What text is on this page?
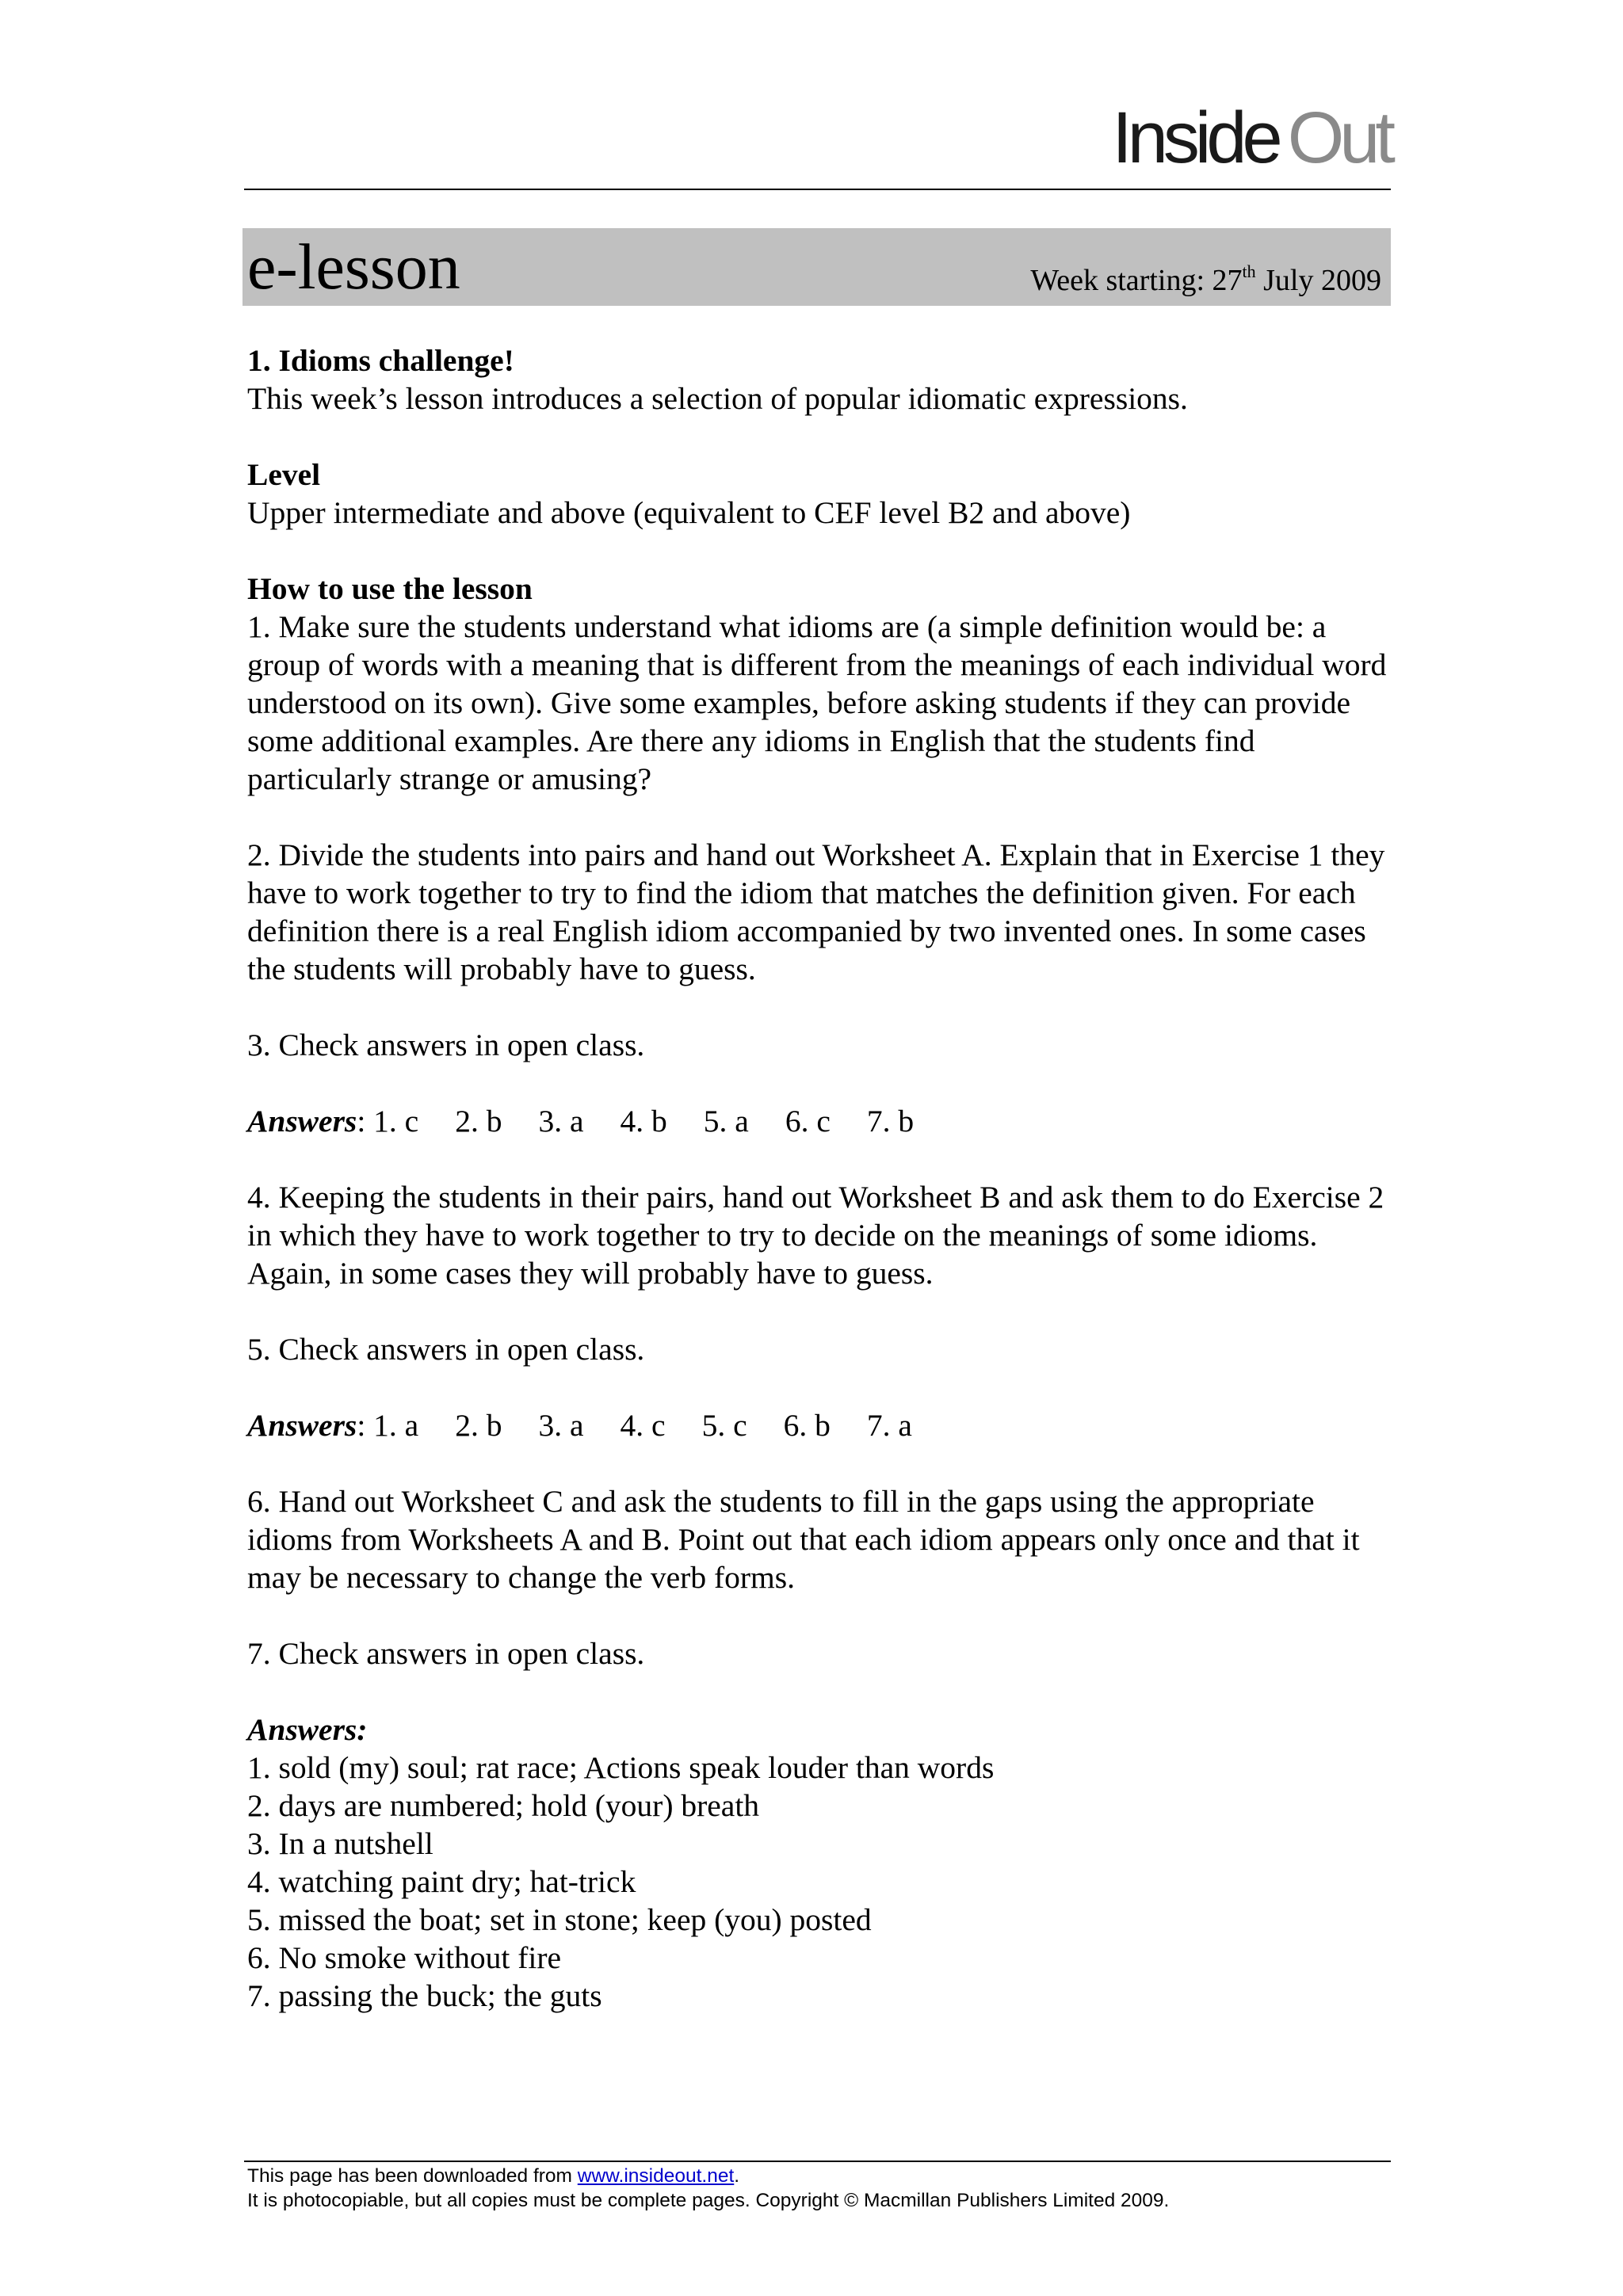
Inside Out
e-lesson	Week starting: 27th July 2009

1. Idioms challenge!
This week’s lesson introduces a selection of popular idiomatic expressions.

Level
Upper intermediate and above (equivalent to CEF level B2 and above)

How to use the lesson
1. Make sure the students understand what idioms are (a simple definition would be: a group of words with a meaning that is different from the meanings of each individual word understood on its own). Give some examples, before asking students if they can provide some additional examples. Are there any idioms in English that the students find particularly strange or amusing?

2. Divide the students into pairs and hand out Worksheet A. Explain that in Exercise 1 they have to work together to try to find the idiom that matches the definition given. For each definition there is a real English idiom accompanied by two invented ones. In some cases the students will probably have to guess.

3. Check answers in open class.

Answers: 1. c 2. b 3. a 4. b 5. a 6. c 7. b

4. Keeping the students in their pairs, hand out Worksheet B and ask them to do Exercise 2 in which they have to work together to try to decide on the meanings of some idioms. Again, in some cases they will probably have to guess.

5. Check answers in open class.

Answers: 1. a 2. b 3. a 4. c 5. c 6. b 7. a

6. Hand out Worksheet C and ask the students to fill in the gaps using the appropriate idioms from Worksheets A and B. Point out that each idiom appears only once and that it may be necessary to change the verb forms.

7. Check answers in open class.

Answers:
1. sold (my) soul; rat race; Actions speak louder than words
2. days are numbered; hold (your) breath
3. In a nutshell
4. watching paint dry; hat-trick
5. missed the boat; set in stone; keep (you) posted
6. No smoke without fire
7. passing the buck; the guts
This page has been downloaded from www.insideout.net.
It is photocopiable, but all copies must be complete pages. Copyright © Macmillan Publishers Limited 2009.
